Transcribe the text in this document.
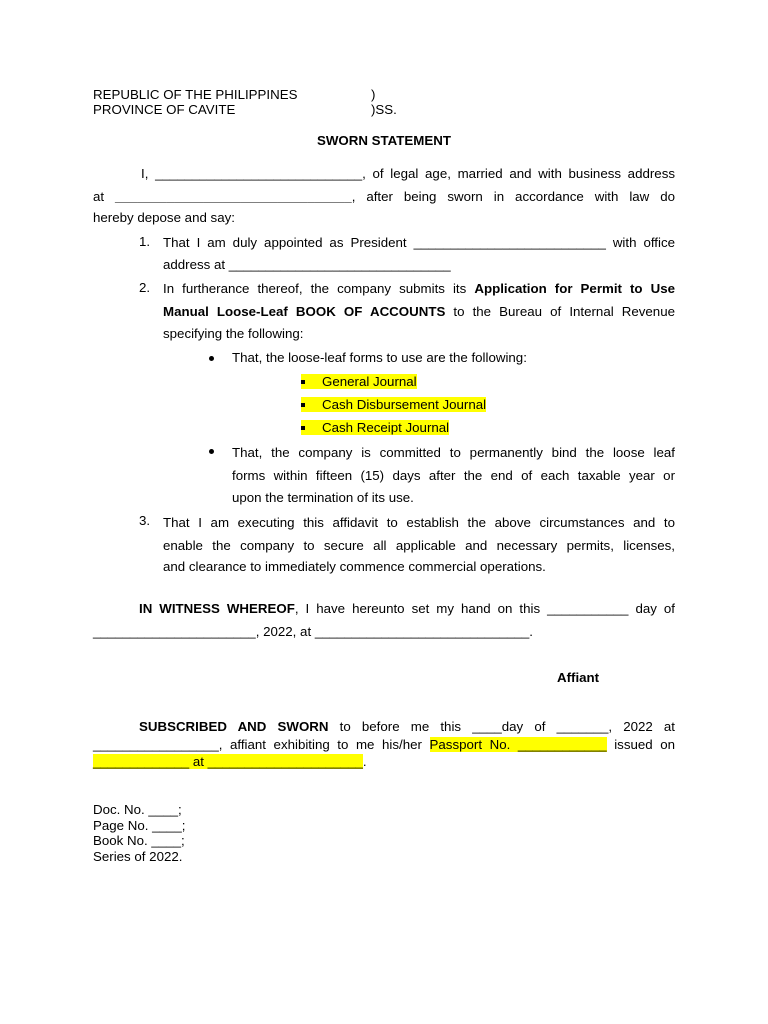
REPUBLIC OF THE PHILIPPINES	)
PROVINCE OF CAVITE	)SS.
SWORN STATEMENT
I, ____________________________, of legal age, married and with business address
at ________________________________, after being sworn in accordance with law do
hereby depose and say:
1. That I am duly appointed as President __________________________ with office
address at ______________________________
2. In furtherance thereof, the company submits its Application for Permit to Use
Manual Loose-Leaf BOOK OF ACCOUNTS to the Bureau of Internal Revenue
specifying the following:
That, the loose-leaf forms to use are the following:
General Journal
Cash Disbursement Journal
Cash Receipt Journal
That, the company is committed to permanently bind the loose leaf
forms within fifteen (15) days after the end of each taxable year or
upon the termination of its use.
3. That I am executing this affidavit to establish the above circumstances and to
enable the company to secure all applicable and necessary permits, licenses,
and clearance to immediately commence commercial operations.
IN WITNESS WHEREOF, I have hereunto set my hand on this ___________ day of
______________________, 2022, at _____________________________.
Affiant
SUBSCRIBED AND SWORN to before me this ____day of _______, 2022 at
_________________, affiant exhibiting to me his/her Passport No. ____________ issued on
_____________ at _____________________.
Doc. No. ____;
Page No. ____;
Book No. ____;
Series of 2022.
